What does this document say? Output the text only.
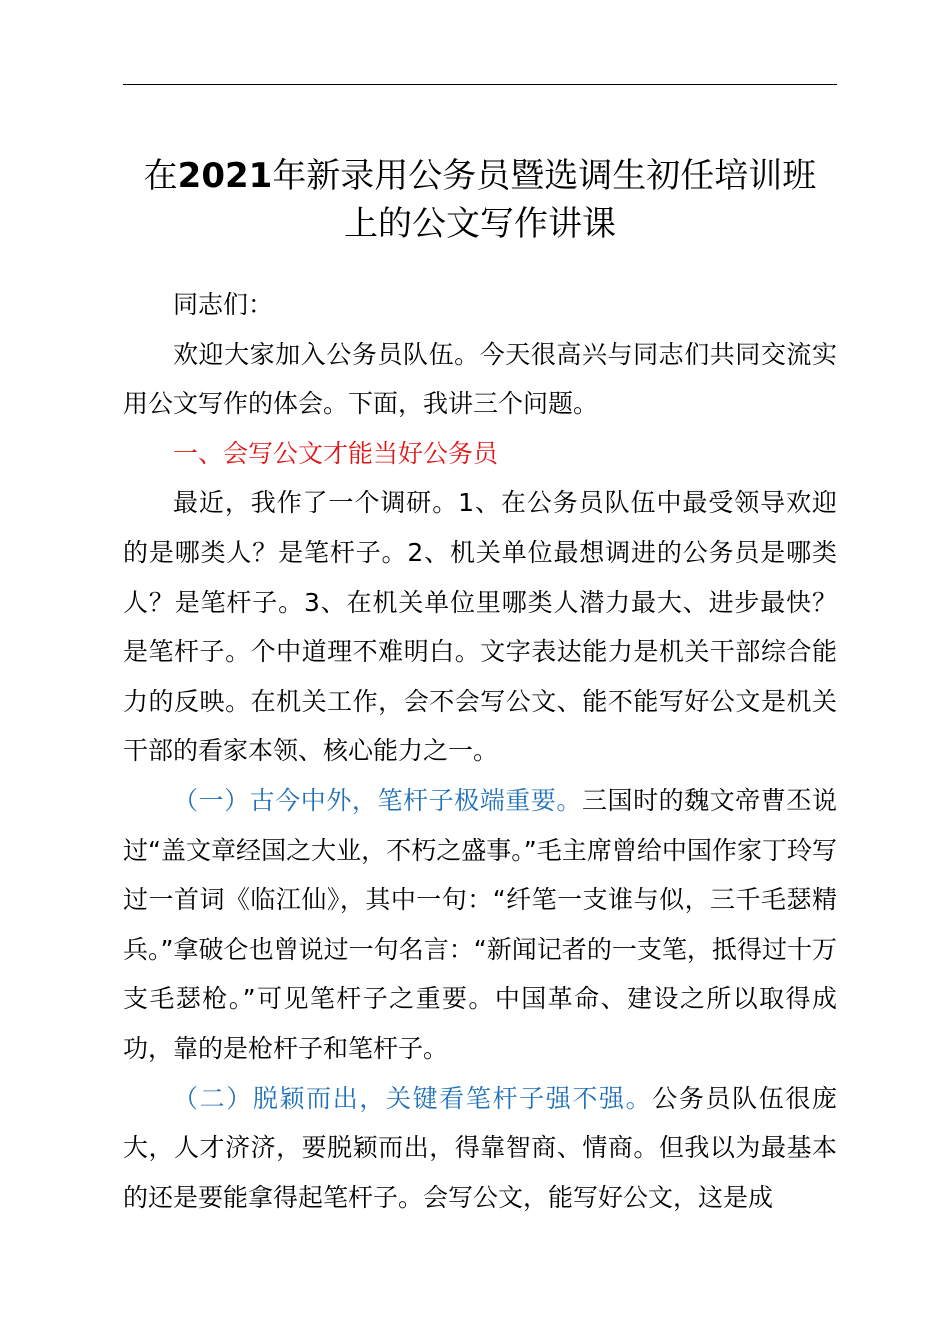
在2021年新录用公务员暨选调生初任培训班
上的公文写作讲课

同志们：

欢迎大家加入公务员队伍。今天很高兴与同志们共同交流实用公文写作的体会。下面，我讲三个问题。

一、会写公文才能当好公务员

最近，我作了一个调研。1、在公务员队伍中最受领导欢迎的是哪类人？是笔杆子。2、机关单位最想调进的公务员是哪类人？是笔杆子。3、在机关单位里哪类人潜力最大、进步最快？是笔杆子。个中道理不难明白。文字表达能力是机关干部综合能力的反映。在机关工作，会不会写公文、能不能写好公文是机关干部的看家本领、核心能力之一。

（一）古今中外，笔杆子极端重要。三国时的魏文帝曹丕说过“盖文章经国之大业，不朽之盛事。”毛主席曾给中国作家丁玲写过一首词《临江仙》，其中一句：“纤笔一支谁与似，三千毛瑟精兵。”拿破仑也曾说过一句名言：“新闻记者的一支笔，抵得过十万支毛瑟枪。”可见笔杆子之重要。中国革命、建设之所以取得成功，靠的是枪杆子和笔杆子。

（二）脱颖而出，关键看笔杆子强不强。公务员队伍很庞大，人才济济，要脱颖而出，得靠智商、情商。但我以为最基本的还是要能拿得起笔杆子。会写公文，能写好公文，这是成
